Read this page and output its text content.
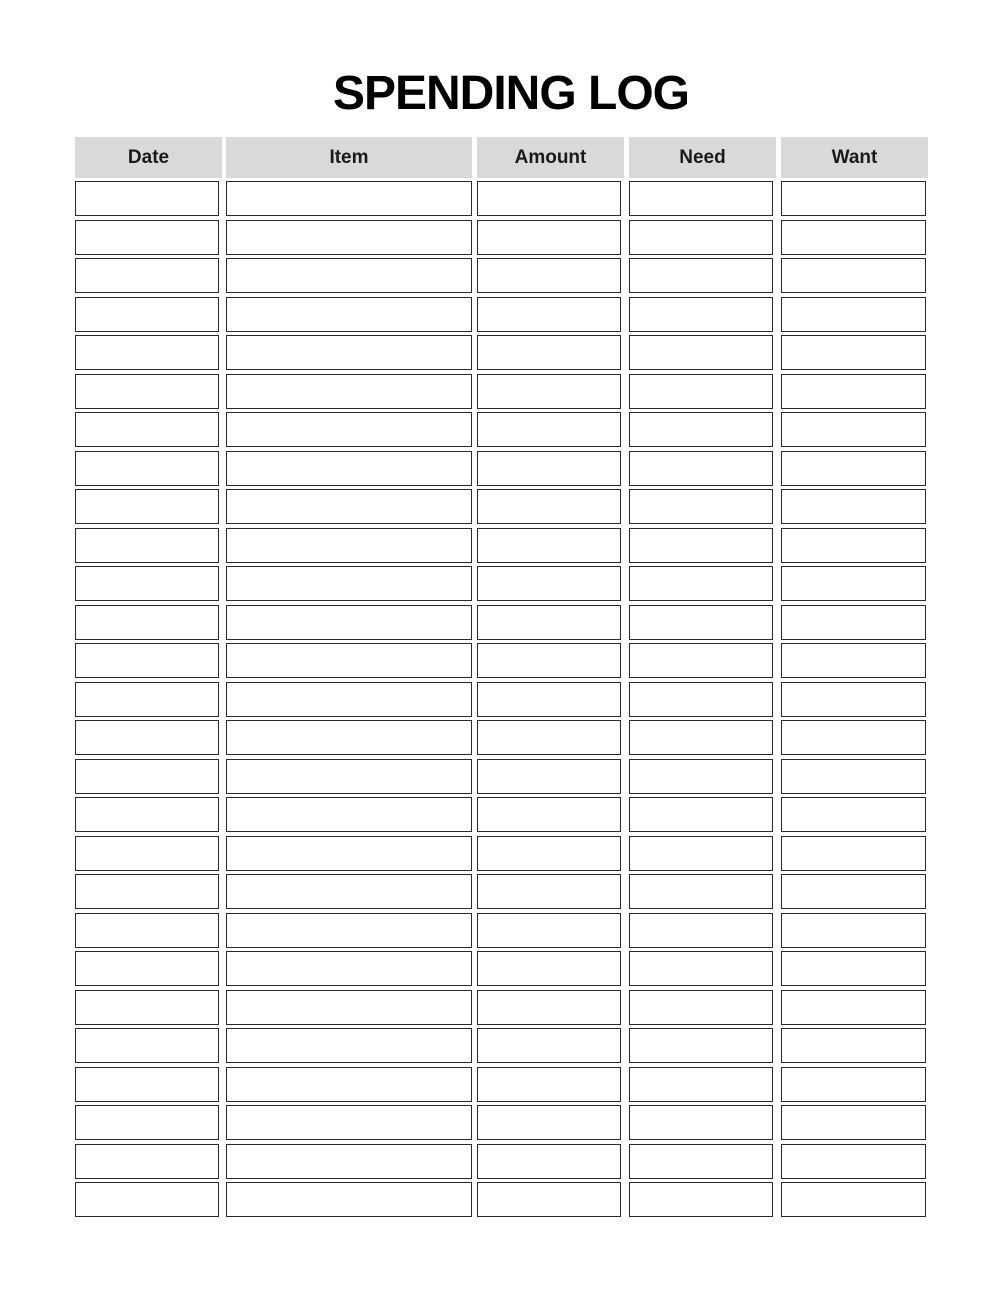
SPENDING LOG
Date	Item	Amount	Need	Want
